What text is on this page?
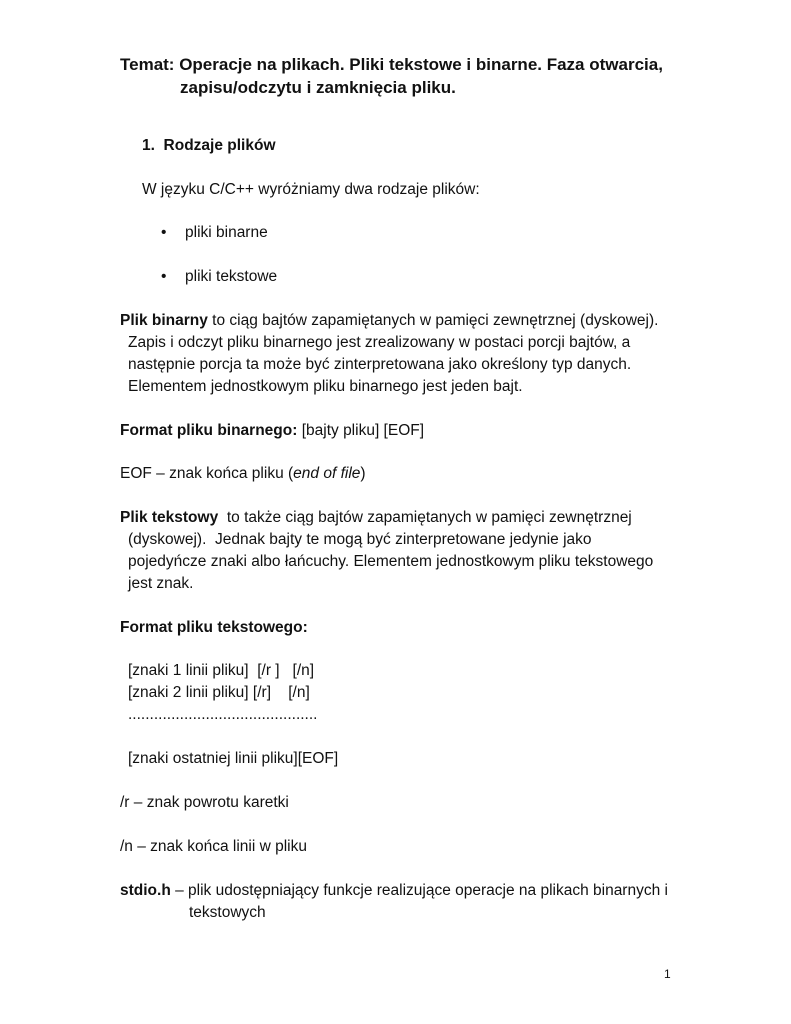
Temat: Operacje na plikach. Pliki tekstowe i binarne. Faza otwarcia,
zapisu/odczytu i zamknięcia pliku.
1.  Rodzaje plików
W języku C/C++ wyróżniamy dwa rodzaje plików:
• pliki binarne
• pliki tekstowe
Plik binarny to ciąg bajtów zapamiętanych w pamięci zewnętrznej (dyskowej).
Zapis i odczyt pliku binarnego jest zrealizowany w postaci porcji bajtów, a
następnie porcja ta może być zinterpretowana jako określony typ danych.
Elementem jednostkowym pliku binarnego jest jeden bajt.
Format pliku binarnego: [bajty pliku] [EOF]
EOF – znak końca pliku (end of file)
Plik tekstowy  to także ciąg bajtów zapamiętanych w pamięci zewnętrznej
(dyskowej).  Jednak bajty te mogą być zinterpretowane jedynie jako
pojedyńcze znaki albo łańcuchy. Elementem jednostkowym pliku tekstowego
jest znak.
Format pliku tekstowego:
[znaki 1 linii pliku]  [/r ]   [/n]
[znaki 2 linii pliku] [/r]    [/n]
............................................
[znaki ostatniej linii pliku][EOF]
/r – znak powrotu karetki
/n – znak końca linii w pliku
stdio.h – plik udostępniający funkcje realizujące operacje na plikach binarnych i
tekstowych
1
